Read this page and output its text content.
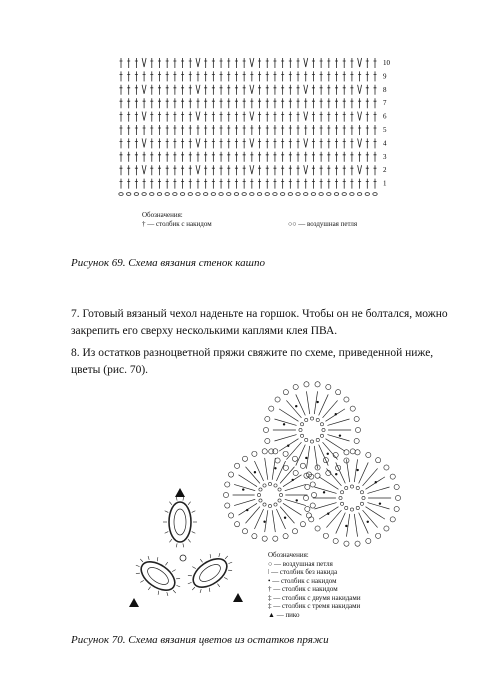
10
9
8
7
6
5
4
3
2
1
Обозначения:
† — столбик с накидом	○○ — воздушная петля
Рисунок 69. Схема вязания стенок кашпо
7. Готовый вязаный чехол наденьте на горшок. Чтобы он не болтался, можно закрепить его сверху несколькими каплями клея ПВА.
8. Из остатков разноцветной пряжи свяжите по схеме, приведенной ниже, цветы (рис. 70).
Обозначения:
○ — воздушная петля
ǀ — столбик без накида
• — столбик с накидом
† — столбик с накидом
‡ — столбик с двумя накидами
‡ — столбик с тремя накидами
▲ — пико
Рисунок 70. Схема вязания цветов из остатков пряжи
